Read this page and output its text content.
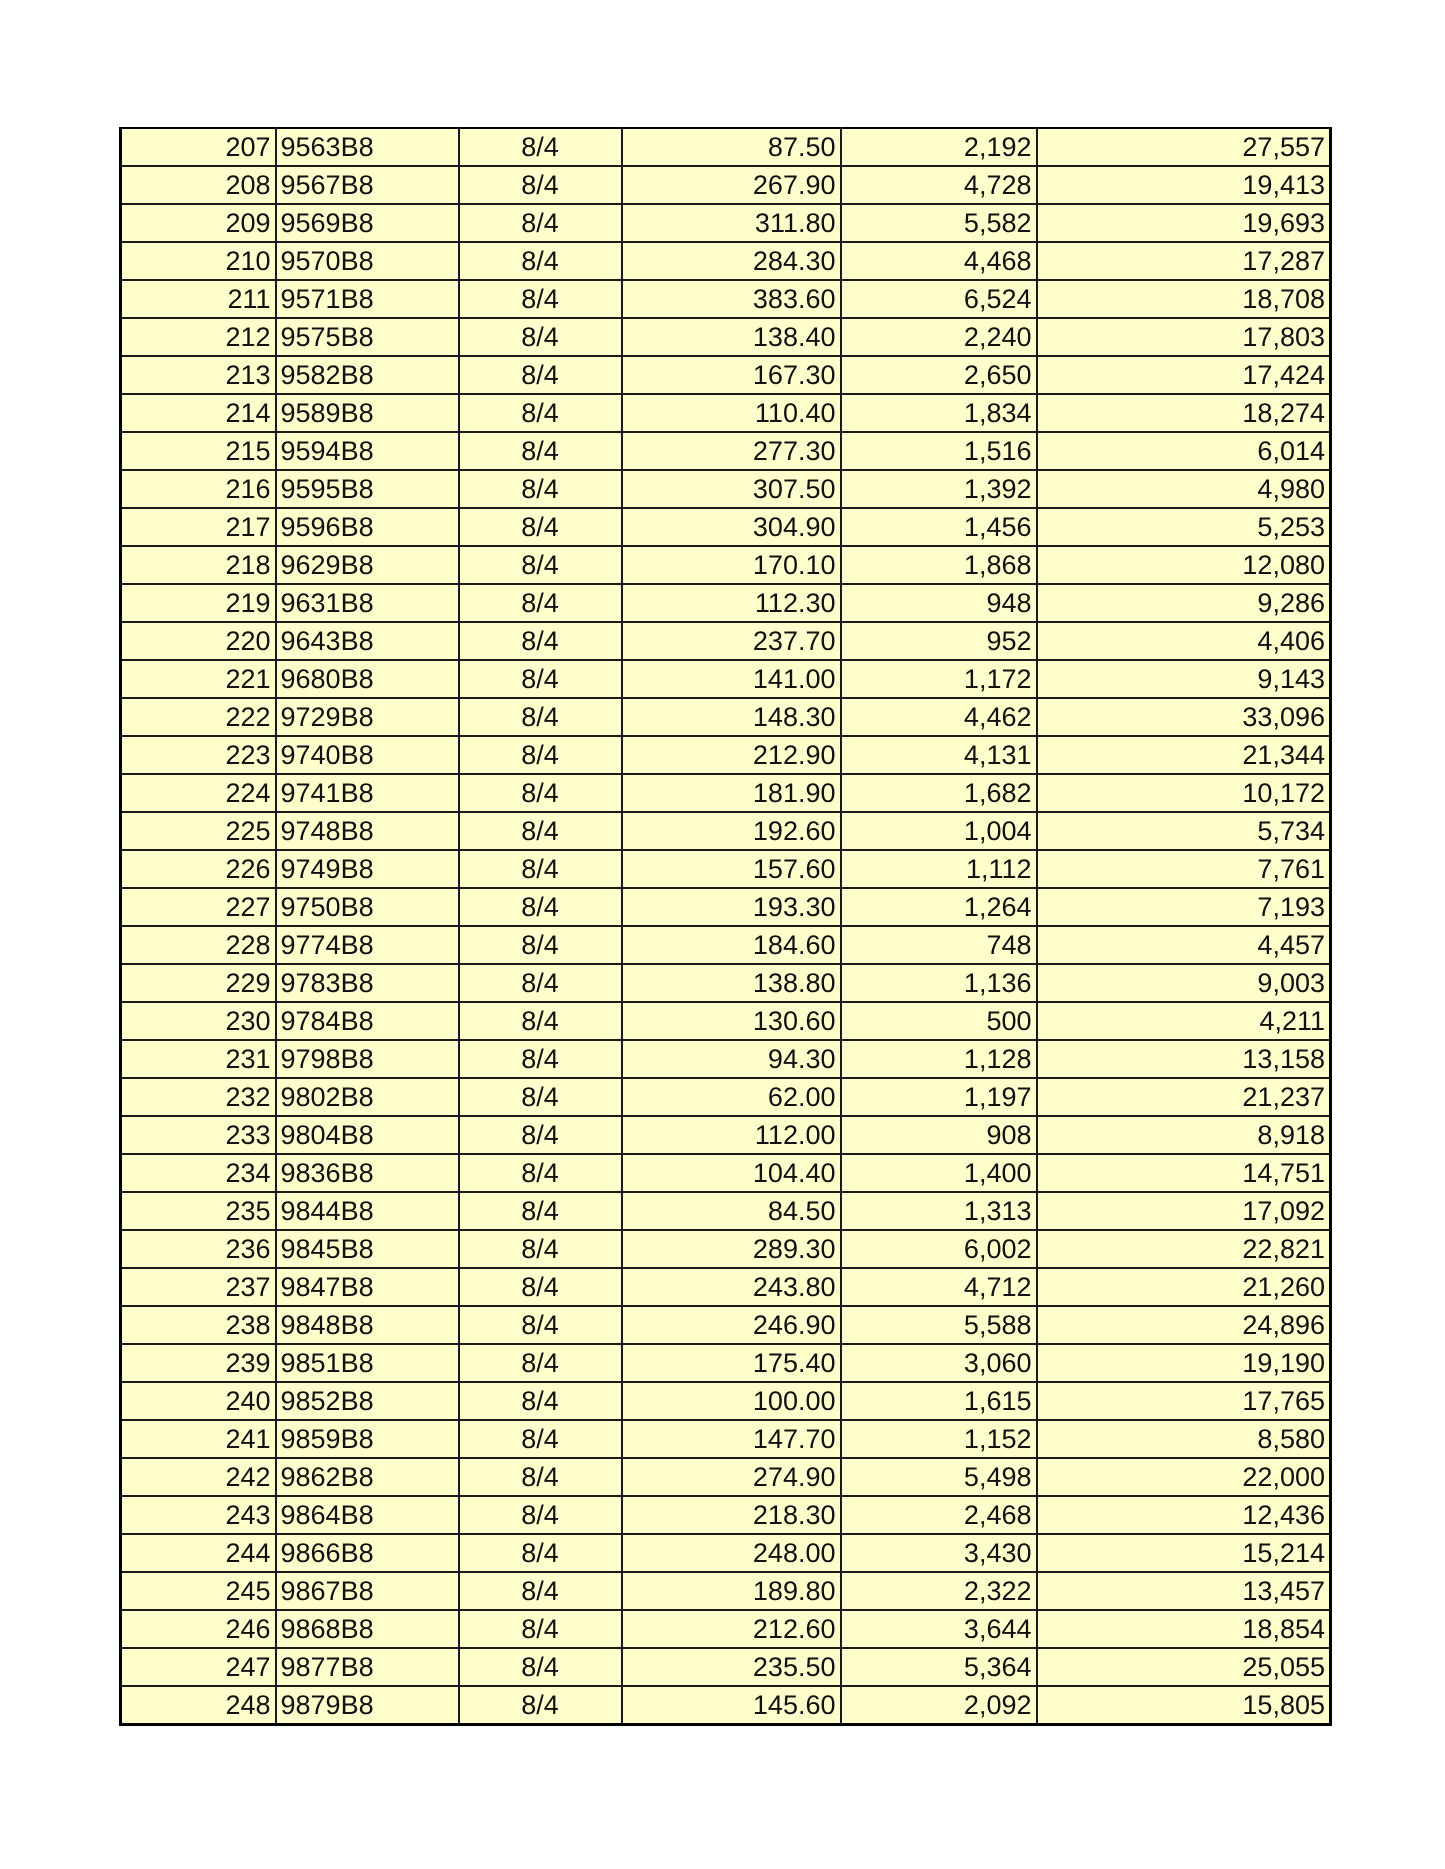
207	9563B8	8/4	87.50	2,192	27,557
208	9567B8	8/4	267.90	4,728	19,413
209	9569B8	8/4	311.80	5,582	19,693
210	9570B8	8/4	284.30	4,468	17,287
211	9571B8	8/4	383.60	6,524	18,708
212	9575B8	8/4	138.40	2,240	17,803
213	9582B8	8/4	167.30	2,650	17,424
214	9589B8	8/4	110.40	1,834	18,274
215	9594B8	8/4	277.30	1,516	6,014
216	9595B8	8/4	307.50	1,392	4,980
217	9596B8	8/4	304.90	1,456	5,253
218	9629B8	8/4	170.10	1,868	12,080
219	9631B8	8/4	112.30	948	9,286
220	9643B8	8/4	237.70	952	4,406
221	9680B8	8/4	141.00	1,172	9,143
222	9729B8	8/4	148.30	4,462	33,096
223	9740B8	8/4	212.90	4,131	21,344
224	9741B8	8/4	181.90	1,682	10,172
225	9748B8	8/4	192.60	1,004	5,734
226	9749B8	8/4	157.60	1,112	7,761
227	9750B8	8/4	193.30	1,264	7,193
228	9774B8	8/4	184.60	748	4,457
229	9783B8	8/4	138.80	1,136	9,003
230	9784B8	8/4	130.60	500	4,211
231	9798B8	8/4	94.30	1,128	13,158
232	9802B8	8/4	62.00	1,197	21,237
233	9804B8	8/4	112.00	908	8,918
234	9836B8	8/4	104.40	1,400	14,751
235	9844B8	8/4	84.50	1,313	17,092
236	9845B8	8/4	289.30	6,002	22,821
237	9847B8	8/4	243.80	4,712	21,260
238	9848B8	8/4	246.90	5,588	24,896
239	9851B8	8/4	175.40	3,060	19,190
240	9852B8	8/4	100.00	1,615	17,765
241	9859B8	8/4	147.70	1,152	8,580
242	9862B8	8/4	274.90	5,498	22,000
243	9864B8	8/4	218.30	2,468	12,436
244	9866B8	8/4	248.00	3,430	15,214
245	9867B8	8/4	189.80	2,322	13,457
246	9868B8	8/4	212.60	3,644	18,854
247	9877B8	8/4	235.50	5,364	25,055
248	9879B8	8/4	145.60	2,092	15,805
